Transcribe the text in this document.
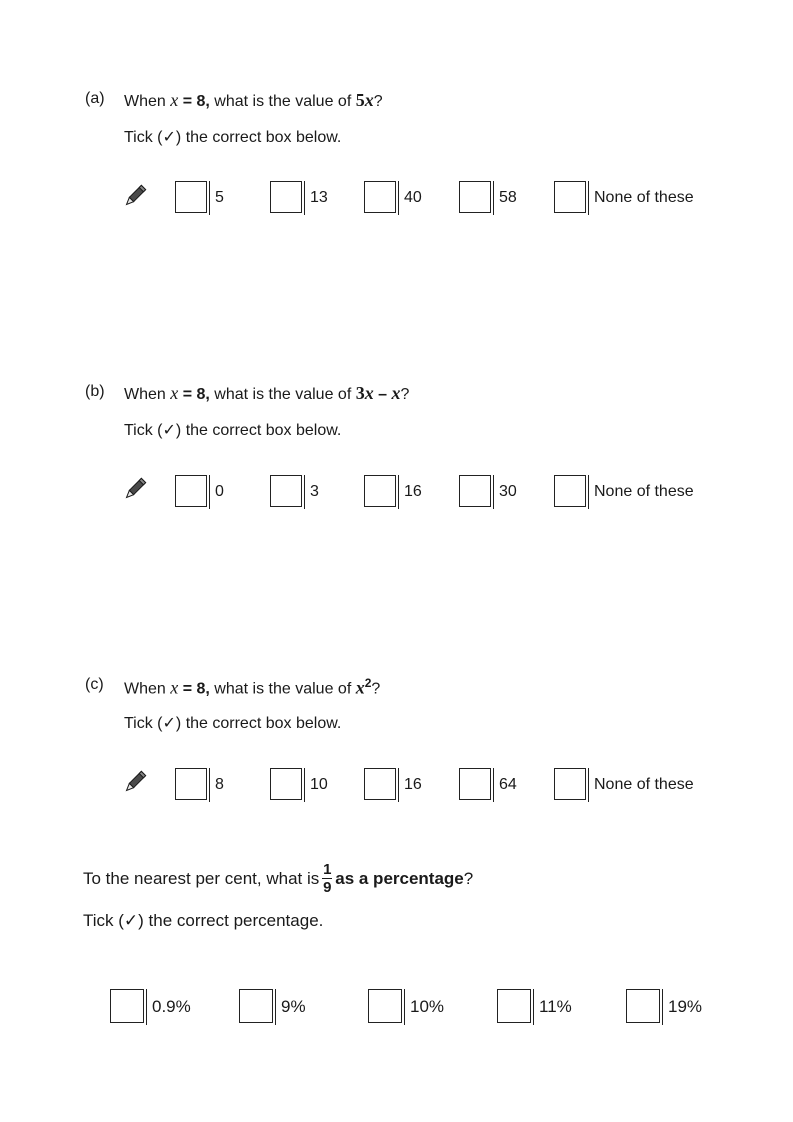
(a) When x = 8, what is the value of 5x?
Tick (✓) the correct box below.
5	13	40	58	None of these
(b) When x = 8, what is the value of 3x – x?
Tick (✓) the correct box below.
0	3	16	30	None of these
(c) When x = 8, what is the value of $x^2$?
Tick (✓) the correct box below.
8	10	16	64	None of these
To the nearest per cent, what is $\frac{1}{9}$ as a percentage ?
Tick (✓) the correct percentage.
0.9%	9%	10%	11%	19%
